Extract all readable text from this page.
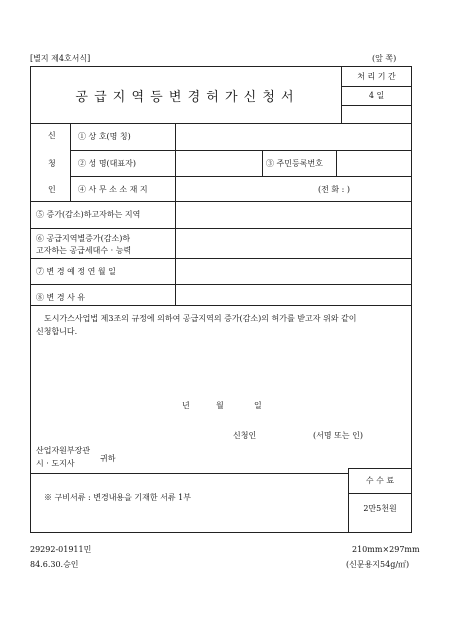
[별지 제4호서식]	(앞 쪽)
공 급 지 역 등 변 경 허 가 신 청 서
처 리 기 간
4 일
신
청
인
① 상 호(명 칭)
② 성 명(대표자)	③ 주민등록번호
④ 사 무 소 소 재 지	(전 화 : )
⑤ 증가(감소)하고자하는 지역
⑥ 공급지역별증가(감소)하
고자하는 공급세대수 · 능력
⑦ 변 경 예 정 연 월 일
⑧ 변 경 사 유
도시가스사업법 제3조의 규정에 의하여 공급지역의 증가(감소)의 허가를 받고자 위와 같이
신청합니다.
년	월	일
신청인	(서명 또는 인)
산업자원부장관
시 · 도지사
귀하
수 수 료
2만5천원
※ 구비서류 : 변경내용을 기재한 서류 1부
29292-01911민
84.6.30.승인
210mm×297mm
(신문용지54g/㎡)
